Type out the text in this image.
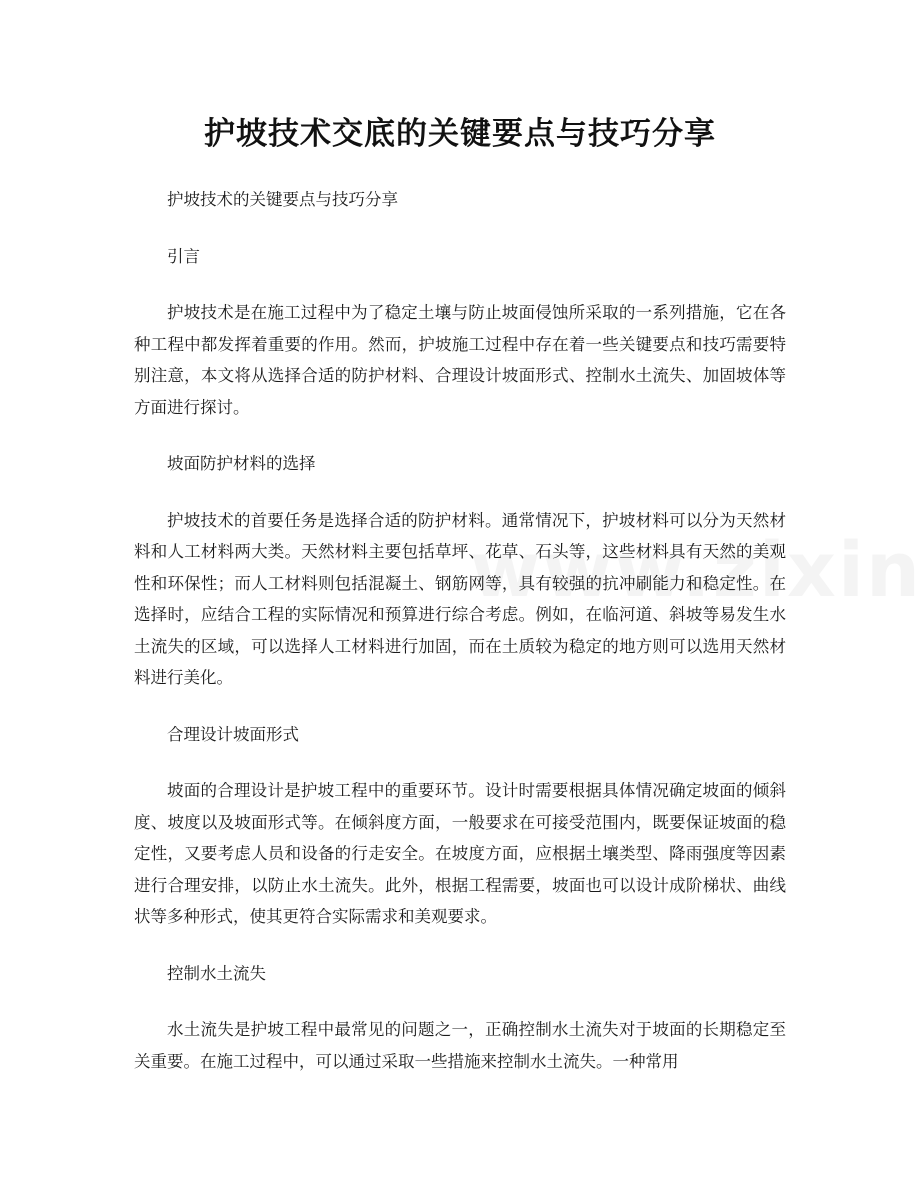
护坡技术交底的关键要点与技巧分享

护坡技术的关键要点与技巧分享

引言

护坡技术是在施工过程中为了稳定土壤与防止坡面侵蚀所采取的一系列措施，它在各种工程中都发挥着重要的作用。然而，护坡施工过程中存在着一些关键要点和技巧需要特别注意，本文将从选择合适的防护材料、合理设计坡面形式、控制水土流失、加固坡体等方面进行探讨。

坡面防护材料的选择

护坡技术的首要任务是选择合适的防护材料。通常情况下，护坡材料可以分为天然材料和人工材料两大类。天然材料主要包括草坪、花草、石头等，这些材料具有天然的美观性和环保性；而人工材料则包括混凝土、钢筋网等，具有较强的抗冲刷能力和稳定性。在选择时，应结合工程的实际情况和预算进行综合考虑。例如，在临河道、斜坡等易发生水土流失的区域，可以选择人工材料进行加固，而在土质较为稳定的地方则可以选用天然材料进行美化。

合理设计坡面形式

坡面的合理设计是护坡工程中的重要环节。设计时需要根据具体情况确定坡面的倾斜度、坡度以及坡面形式等。在倾斜度方面，一般要求在可接受范围内，既要保证坡面的稳定性，又要考虑人员和设备的行走安全。在坡度方面，应根据土壤类型、降雨强度等因素进行合理安排，以防止水土流失。此外，根据工程需要，坡面也可以设计成阶梯状、曲线状等多种形式，使其更符合实际需求和美观要求。

控制水土流失

水土流失是护坡工程中最常见的问题之一，正确控制水土流失对于坡面的长期稳定至关重要。在施工过程中，可以通过采取一些措施来控制水土流失。一种常用
